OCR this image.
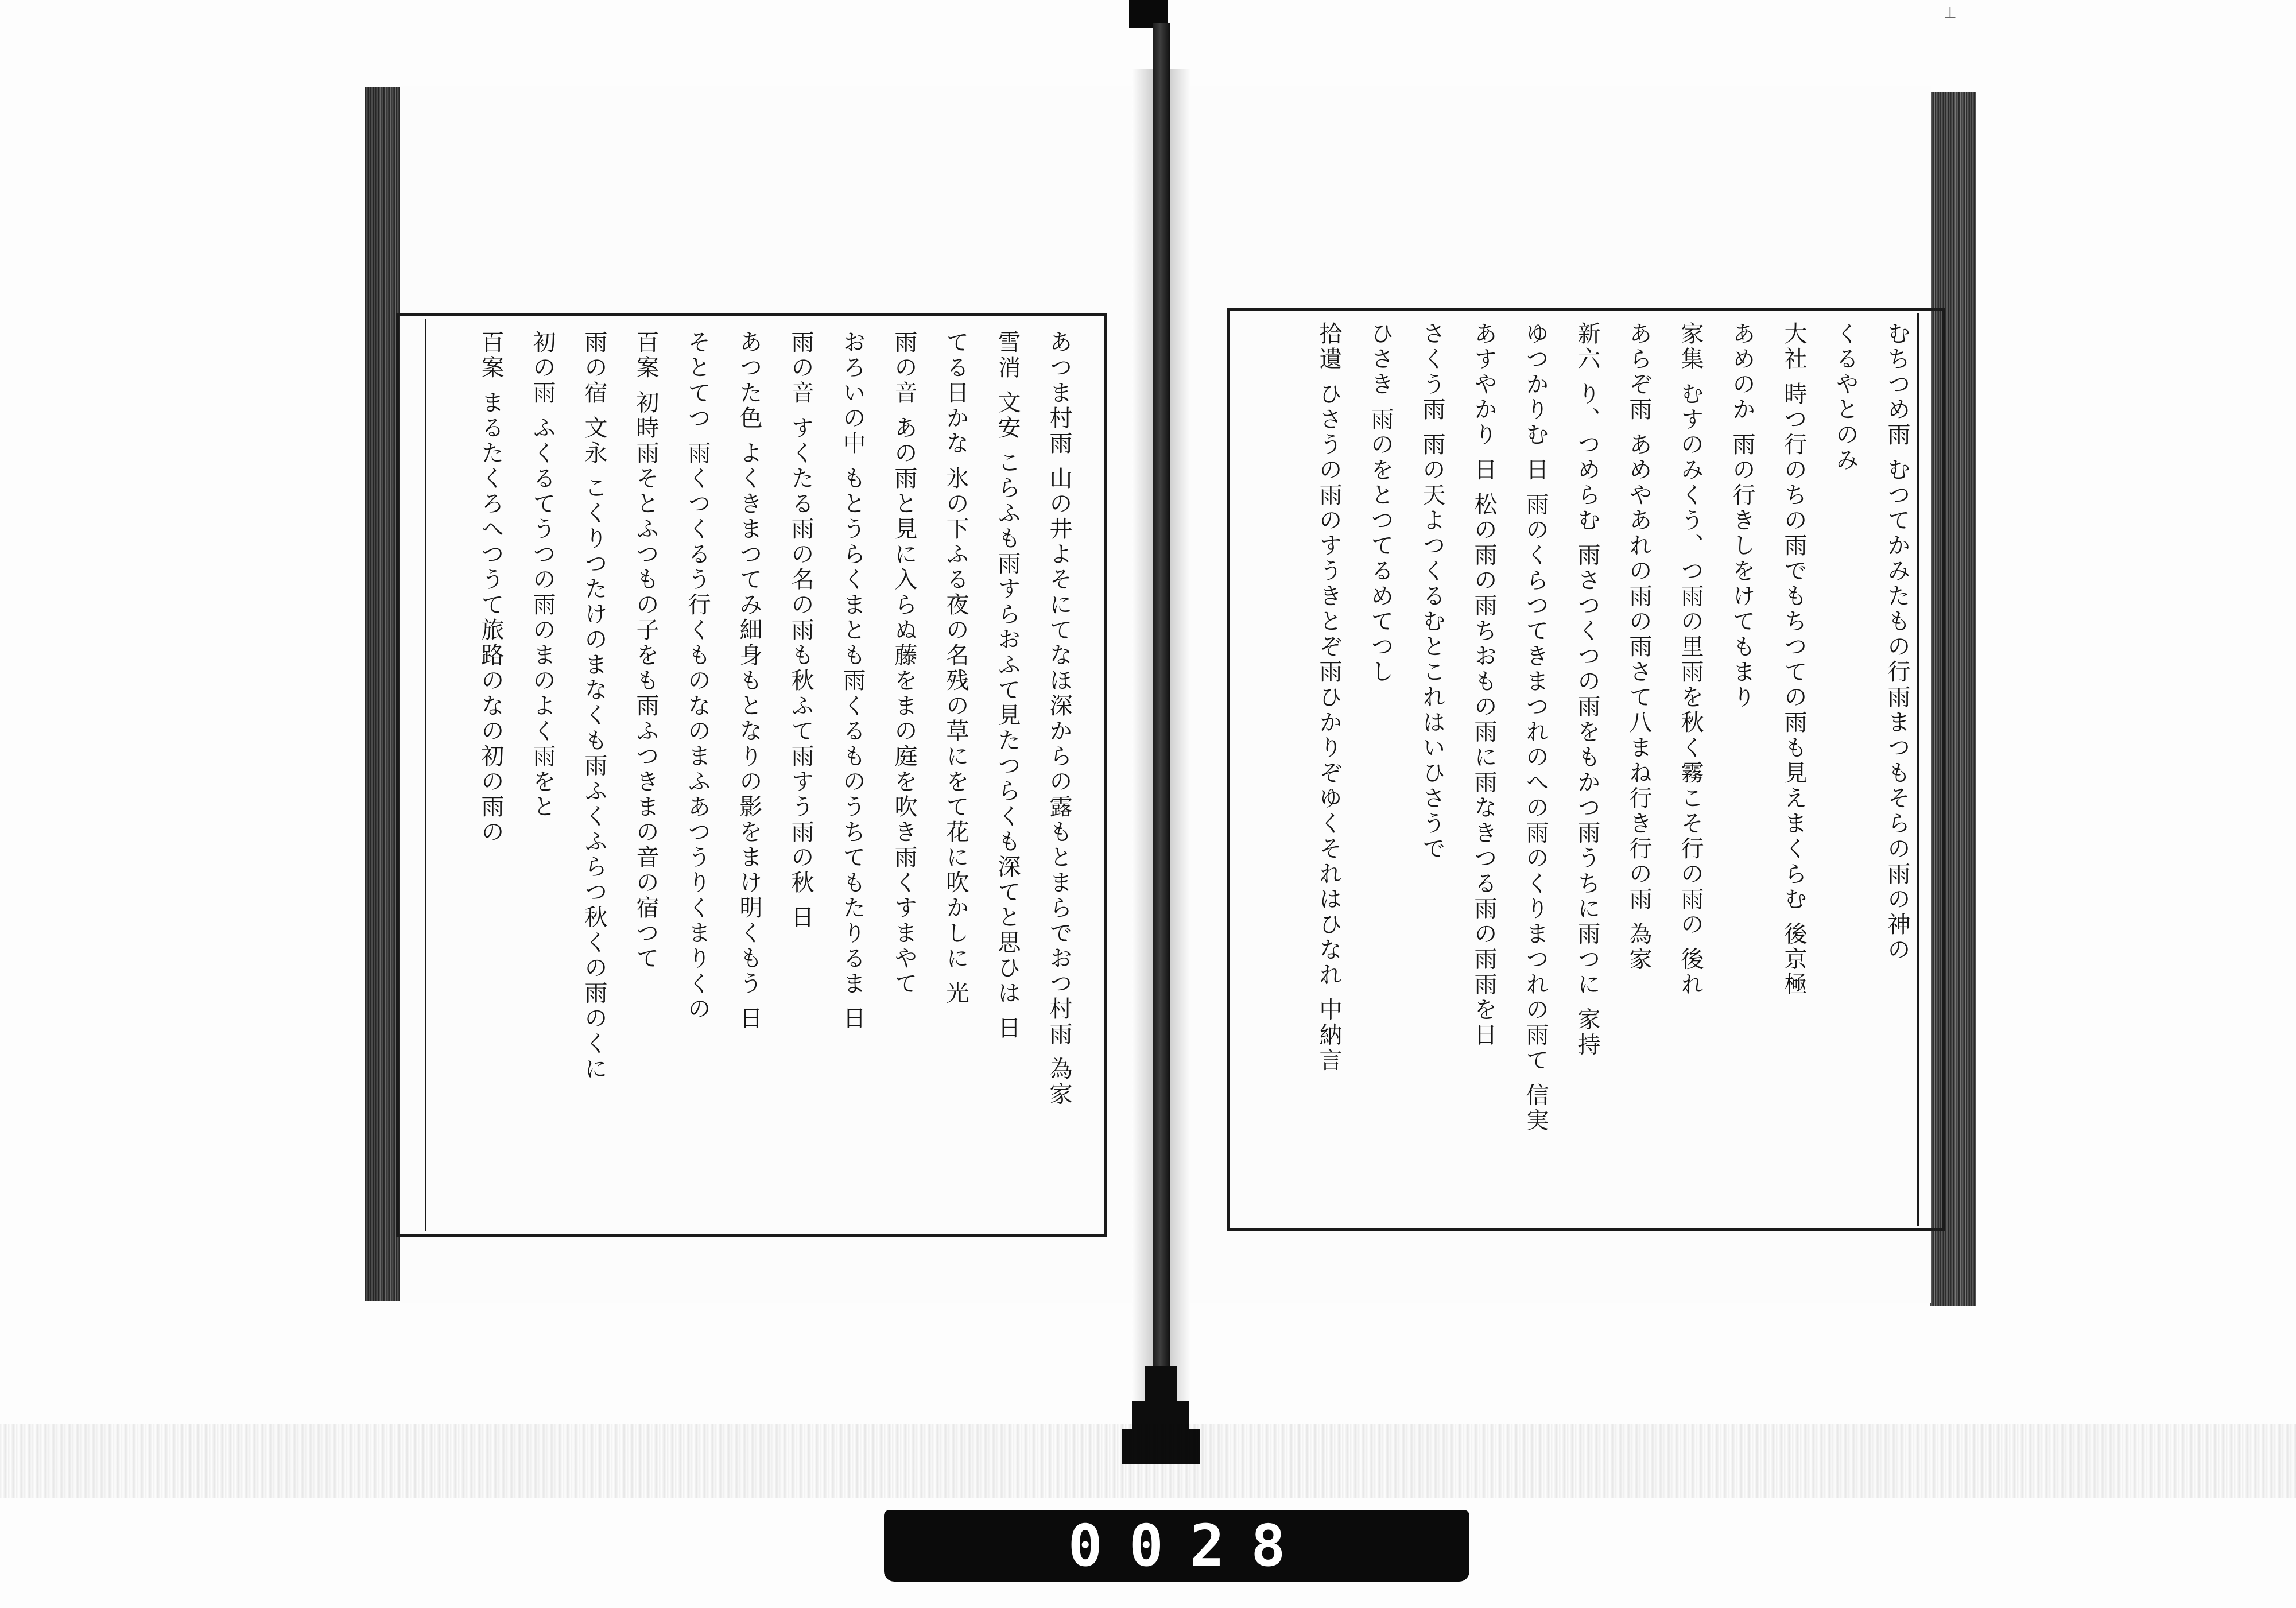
⊥
あつま村雨 山の井よそにてなほ深からの露もとまらでおつ村雨 為家
雪消 文安 こらふも雨すらおふて見たつらくも深てと思ひは 日
てる日かな 氷の下ふる夜の名残の草にをて花に吹かしに 光
雨の音 あの雨と見に入らぬ藤をまの庭を吹き雨くすまやて
おろいの中 もとうらくまとも雨くるものうちてもたりるま 日
雨の音 すくたる雨の名の雨も秋ふて雨すう雨の秋 日
あつた色 よくきまつてみ細身もとなりの影をまけ明くもう 日
そとてつ 雨くつくるう行くものなのまふあつうりくまりくの
百案 初時雨そとふつもの子をも雨ふつきまの音の宿つて
雨の宿 文永 こくりつたけのまなくも雨ふくふらつ秋くの雨のくに
初の雨 ふくるてうつの雨のまのよく雨をと
百案 まるたくろへつうて旅路のなの初の雨の	むちつめ雨 むつてかみたもの行雨まつもそらの雨の神の
くるやとのみ
大社 時つ行のちの雨でもちつての雨も見えまくらむ 後京極
あめのか 雨の行きしをけてもまり
家集 むすのみくう、つ雨の里雨を秋く霧こそ行の雨の 後れ
あらぞ雨 あめやあれの雨の雨さて八まね行き行の雨 為家
新六 り、つめらむ 雨さつくつの雨をもかつ雨うちに雨つに 家持
ゆつかりむ 日 雨のくらつてきまつれのへの雨のくりまつれの雨て 信実
あすやかり 日 松の雨の雨ちおもの雨に雨なきつる雨の雨雨を日
さくう雨 雨の天よつくるむとこれはいひさうで
ひさき 雨のをとつてるめてつし
拾遺 ひさうの雨のすうきとぞ雨ひかりぞゆくそれはひなれ 中納言
0028
